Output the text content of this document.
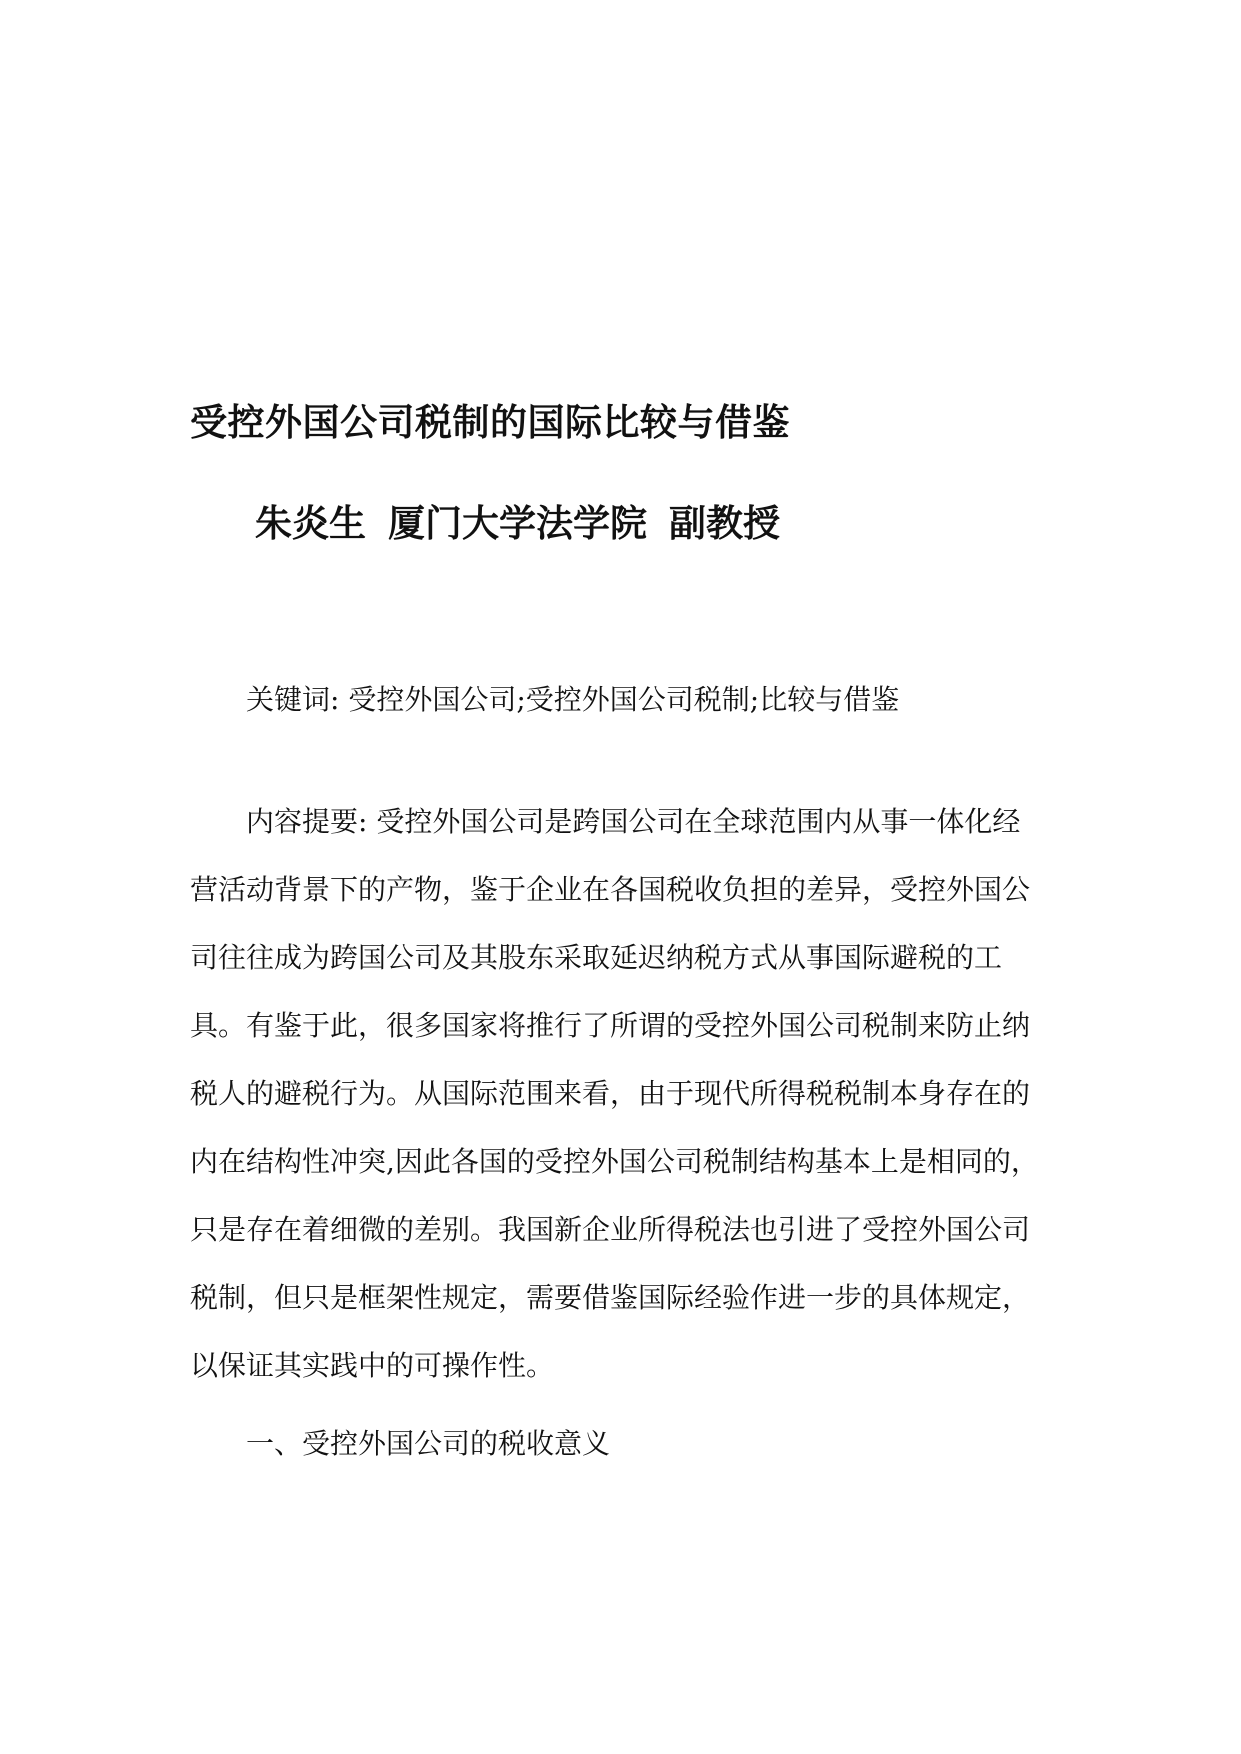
受控外国公司税制的国际比较与借鉴

朱炎生 厦门大学法学院 副教授

关键词: 受控外国公司;受控外国公司税制;比较与借鉴

内容提要: 受控外国公司是跨国公司在全球范围内从事一体化经
营活动背景下的产物，鉴于企业在各国税收负担的差异，受控外国公
司往往成为跨国公司及其股东采取延迟纳税方式从事国际避税的工
具。有鉴于此，很多国家将推行了所谓的受控外国公司税制来防止纳
税人的避税行为。从国际范围来看，由于现代所得税税制本身存在的
内在结构性冲突,因此各国的受控外国公司税制结构基本上是相同的，
只是存在着细微的差别。我国新企业所得税法也引进了受控外国公司
税制，但只是框架性规定，需要借鉴国际经验作进一步的具体规定，
以保证其实践中的可操作性。

一、受控外国公司的税收意义
